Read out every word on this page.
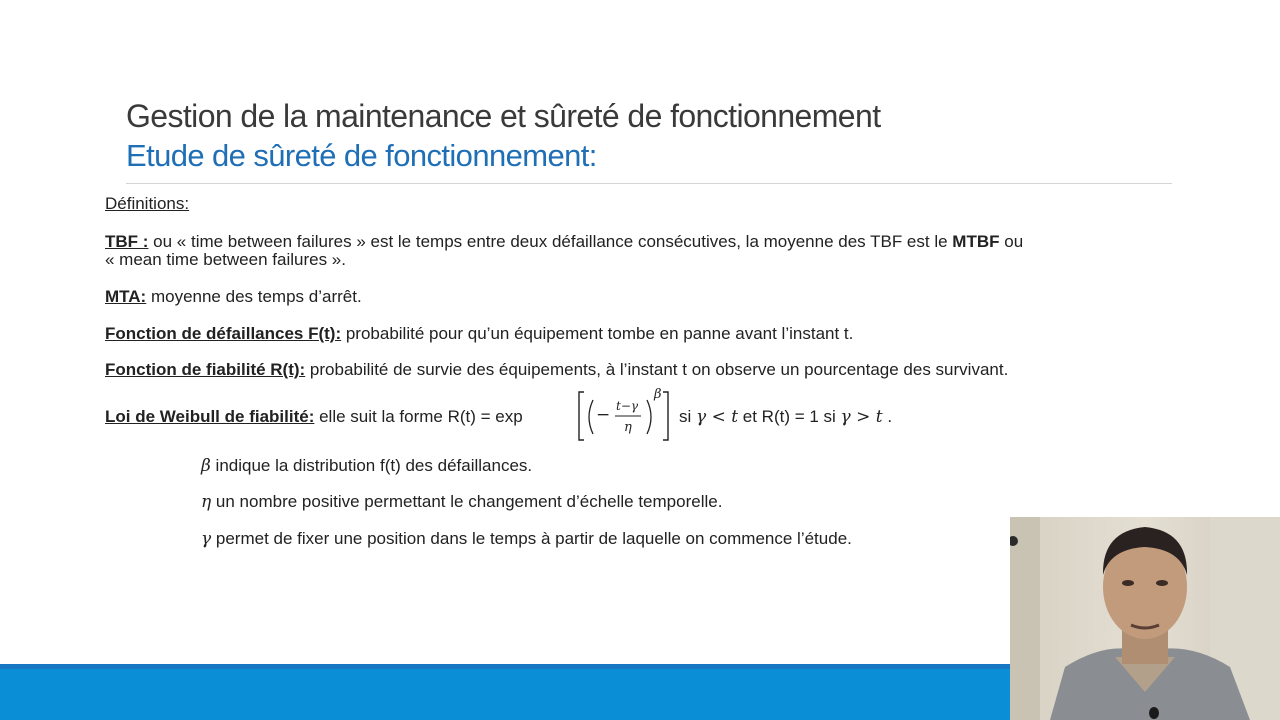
Gestion de la maintenance et sûreté de fonctionnement
Etude de sûreté de fonctionnement:
Définitions:
TBF : ou « time between failures » est le temps entre deux défaillance consécutives, la moyenne des TBF est le MTBF ou
« mean time between failures ».
MTA: moyenne des temps d’arrêt.
Fonction de défaillances F(t): probabilité pour qu’un équipement tombe en panne avant l’instant t.
Fonction de fiabilité R(t): probabilité de survie des équipements, à l’instant t on observe un pourcentage des survivant.
Loi de Weibull de fiabilité: elle suit la forme R(t) = exp	− t−γ
η
β
si γ < t et R(t) = 1 si γ > t .
β indique la distribution f(t) des défaillances.
η un nombre positive permettant le changement d’échelle temporelle.
γ permet de fixer une position dans le temps à partir de laquelle on commence l’étude.
